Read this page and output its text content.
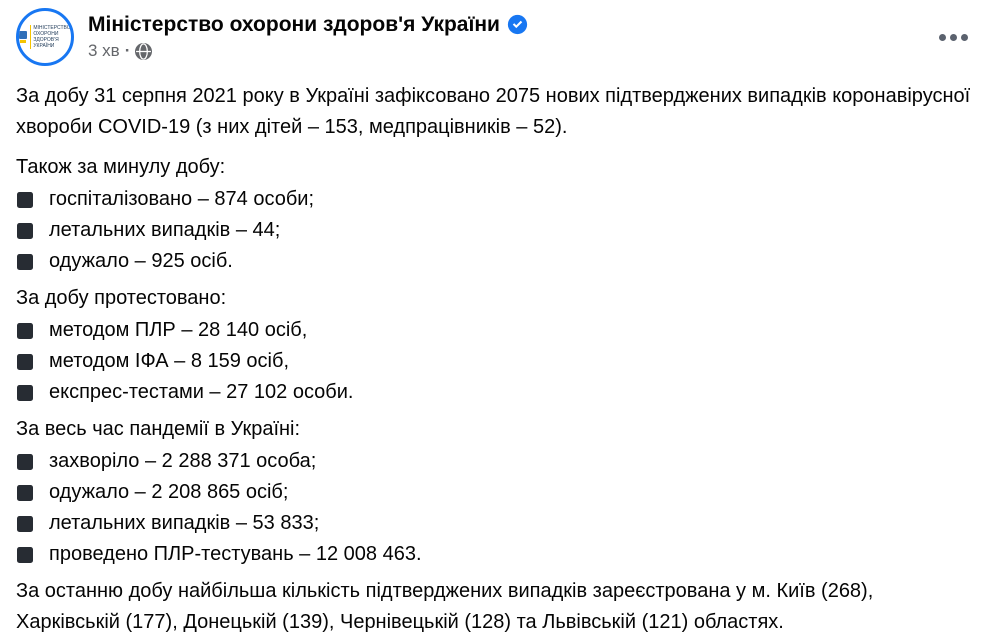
МІНІСТЕРСТВО
ОХОРОНИ
ЗДОРОВ'Я
УКРАЇНИ
Міністерство охорони здоров'я України
3 хв ·

За добу 31 серпня 2021 року в Україні зафіксовано 2075 нових підтверджених випадків коронавірусної хвороби COVID-19 (з них дітей – 153, медпрацівників – 52).

Також за минулу добу:

госпіталізовано – 874 особи;
летальних випадків – 44;
одужало – 925 осіб.

За добу протестовано:

методом ПЛР – 28 140 осіб,
методом ІФА – 8 159 осіб,
експрес-тестами – 27 102 особи.

За весь час пандемії в Україні:

захворіло – 2 288 371 особа;
одужало – 2 208 865 осіб;
летальних випадків – 53 833;
проведено ПЛР-тестувань – 12 008 463.

За останню добу найбільша кількість підтверджених випадків зареєстрована у м. Київ (268), Харківській (177), Донецькій (139), Чернівецькій (128) та Львівській (121) областях.
